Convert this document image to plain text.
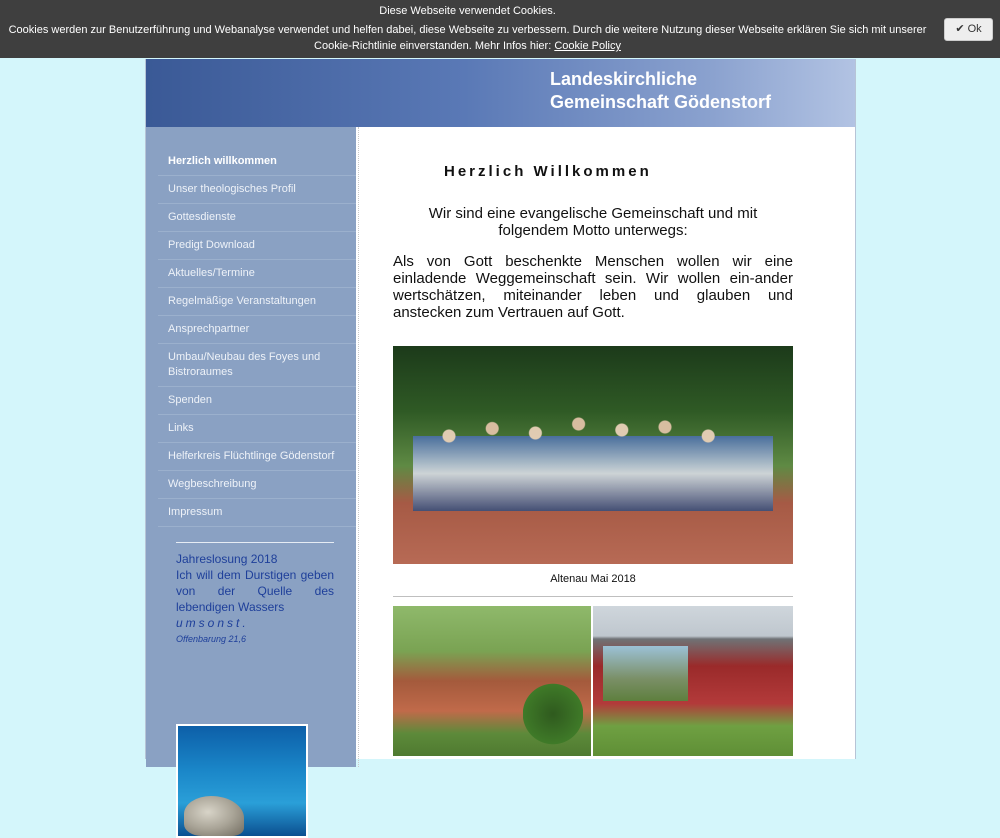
Diese Webseite verwendet Cookies.
Cookies werden zur Benutzerführung und Webanalyse verwendet und helfen dabei, diese Webseite zu verbessern. Durch die weitere Nutzung dieser Webseite erklären Sie sich mit unserer Cookie-Richtlinie einverstanden. Mehr Infos hier: Cookie Policy
✔ Ok
Landeskirchliche
Gemeinschaft Gödenstorf
Herzlich willkommen
Unser theologisches Profil
Gottesdienste
Predigt Download
Aktuelles/Termine
Regelmäßige Veranstaltungen
Ansprechpartner
Umbau/Neubau des Foyes und Bistroraumes
Spenden
Links
Helferkreis Flüchtlinge Gödenstorf
Wegbeschreibung
Impressum
Jahreslosung 2018
Ich will dem Durstigen geben von der Quelle des lebendigen Wassers
umsonst.
Offenbarung 21,6
Herzlich Willkommen
Wir sind eine evangelische Gemeinschaft und mit folgendem Motto unterwegs:
Als von Gott beschenkte Menschen wollen wir eine einladende Weggemeinschaft sein. Wir wollen ein-ander wertschätzen, miteinander leben und glauben und anstecken zum Vertrauen auf Gott.
Altenau Mai 2018
